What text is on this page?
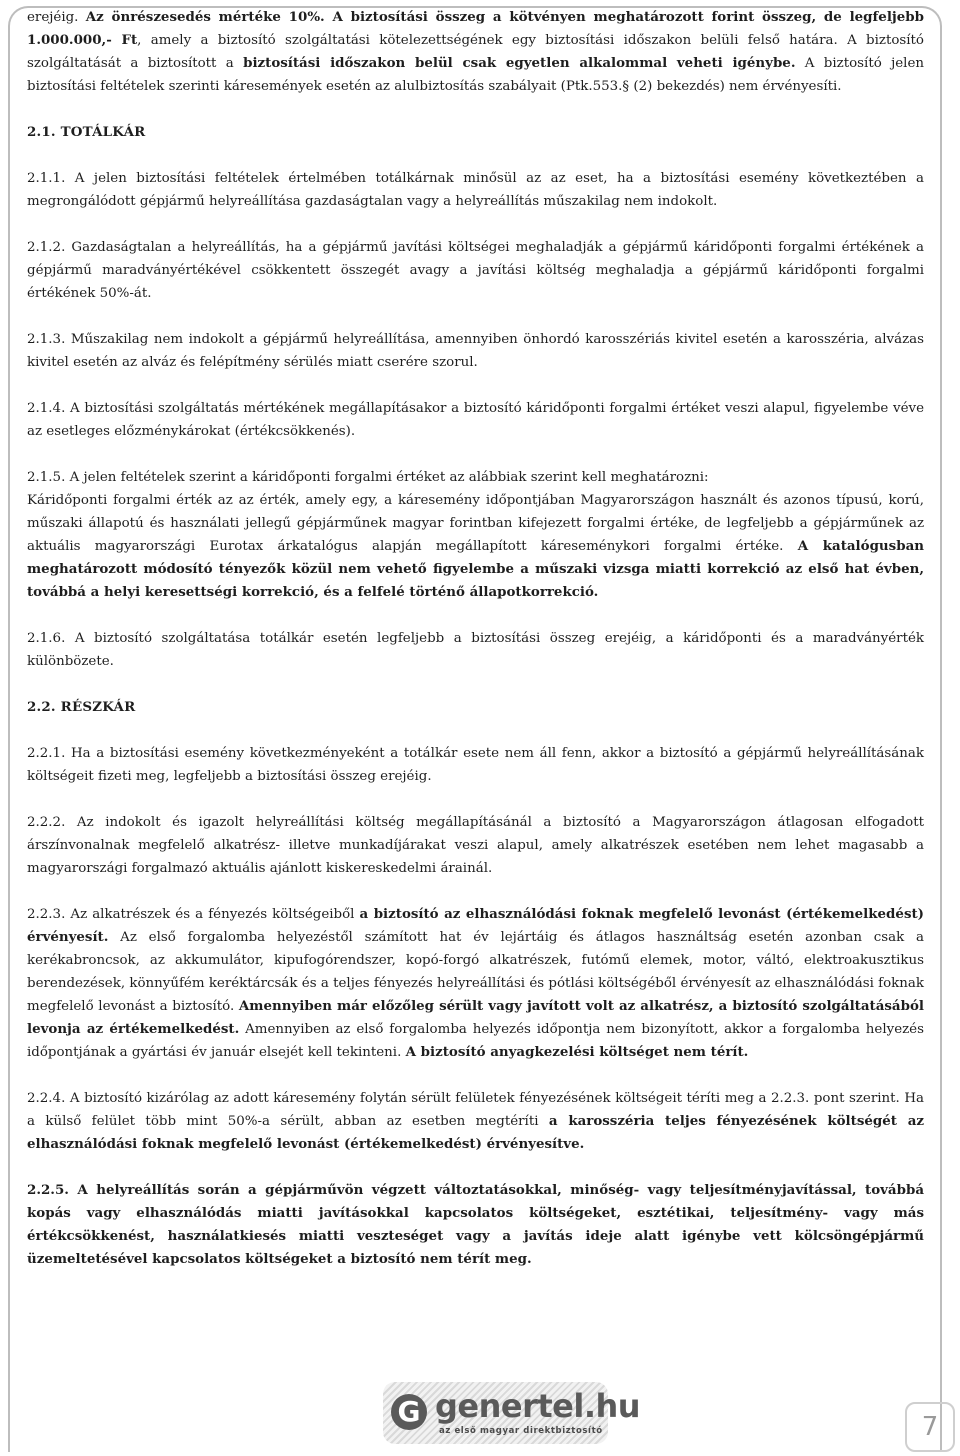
erejéig. Az önrészesedés mértéke 10%. A biztosítási összeg a kötvényen meghatározott forint összeg, de legfeljebb 1.000.000,- Ft, amely a biztosító szolgáltatási kötelezettségének egy biztosítási időszakon belüli felső határa. A biztosító szolgáltatását a biztosított a biztosítási időszakon belül csak egyetlen alkalommal veheti igénybe. A biztosító jelen biztosítási feltételek szerinti káresemények esetén az alulbiztosítás szabályait (Ptk.553.§ (2) bekezdés) nem érvényesíti.

2.1. TOTÁLKÁR

2.1.1. A jelen biztosítási feltételek értelmében totálkárnak minősül az az eset, ha a biztosítási esemény következtében a megrongálódott gépjármű helyreállítása gazdaságtalan vagy a helyreállítás műszakilag nem indokolt.

2.1.2. Gazdaságtalan a helyreállítás, ha a gépjármű javítási költségei meghaladják a gépjármű káridőponti forgalmi értékének a gépjármű maradványértékével csökkentett összegét avagy a javítási költség meghaladja a gépjármű káridőponti forgalmi értékének 50%-át.

2.1.3. Műszakilag nem indokolt a gépjármű helyreállítása, amennyiben önhordó karosszériás kivitel esetén a karosszéria, alvázas kivitel esetén az alváz és felépítmény sérülés miatt cserére szorul.

2.1.4. A biztosítási szolgáltatás mértékének megállapításakor a biztosító káridőponti forgalmi értéket veszi alapul, figyelembe véve az esetleges előzménykárokat (értékcsökkenés).

2.1.5. A jelen feltételek szerint a káridőponti forgalmi értéket az alábbiak szerint kell meghatározni:

Káridőponti forgalmi érték az az érték, amely egy, a káresemény időpontjában Magyarországon használt és azonos típusú, korú, műszaki állapotú és használati jellegű gépjárműnek magyar forintban kifejezett forgalmi értéke, de legfeljebb a gépjárműnek az aktuális magyarországi Eurotax árkatalógus alapján megállapított káreseménykori forgalmi értéke. A katalógusban meghatározott módosító tényezők közül nem vehető figyelembe a műszaki vizsga miatti korrekció az első hat évben, továbbá a helyi keresettségi korrekció, és a felfelé történő állapotkorrekció.

2.1.6. A biztosító szolgáltatása totálkár esetén legfeljebb a biztosítási összeg erejéig, a káridőponti és a maradványérték különbözete.

2.2. RÉSZKÁR

2.2.1. Ha a biztosítási esemény következményeként a totálkár esete nem áll fenn, akkor a biztosító a gépjármű helyreállításának költségeit fizeti meg, legfeljebb a biztosítási összeg erejéig.

2.2.2. Az indokolt és igazolt helyreállítási költség megállapításánál a biztosító a Magyarországon átlagosan elfogadott árszínvonalnak megfelelő alkatrész- illetve munkadíjárakat veszi alapul, amely alkatrészek esetében nem lehet magasabb a magyarországi forgalmazó aktuális ajánlott kiskereskedelmi árainál.

2.2.3. Az alkatrészek és a fényezés költségeiből a biztosító az elhasználódási foknak megfelelő levonást (értékemelkedést) érvényesít. Az első forgalomba helyezéstől számított hat év lejártáig és átlagos használtság esetén azonban csak a kerékabroncsok, az akkumulátor, kipufogórendszer, kopó-forgó alkatrészek, futómű elemek, motor, váltó, elektroakusztikus berendezések, könnyűfém keréktárcsák és a teljes fényezés helyreállítási és pótlási költségéből érvényesít az elhasználódási foknak megfelelő levonást a biztosító. Amennyiben már előzőleg sérült vagy javított volt az alkatrész, a biztosító szolgáltatásából levonja az értékemelkedést. Amennyiben az első forgalomba helyezés időpontja nem bizonyított, akkor a forgalomba helyezés időpontjának a gyártási év január elsejét kell tekinteni. A biztosító anyagkezelési költséget nem térít.

2.2.4. A biztosító kizárólag az adott káresemény folytán sérült felületek fényezésének költségeit téríti meg a 2.2.3. pont szerint. Ha a külső felület több mint 50%-a sérült, abban az esetben megtéríti a karosszéria teljes fényezésének költségét az elhasználódási foknak megfelelő levonást (értékemelkedést) érvényesítve.

2.2.5. A helyreállítás során a gépjárművön végzett változtatásokkal, minőség- vagy teljesítményjavítással, továbbá kopás vagy elhasználódás miatti javításokkal kapcsolatos költségeket, esztétikai, teljesítmény- vagy más értékcsökkenést, használatkiesés miatti veszteséget vagy a javítás ideje alatt igénybe vett kölcsöngépjármű üzemeltetésével kapcsolatos költségeket a biztosító nem térít meg.

G genertel.hu
az első magyar direktbiztosító	7
